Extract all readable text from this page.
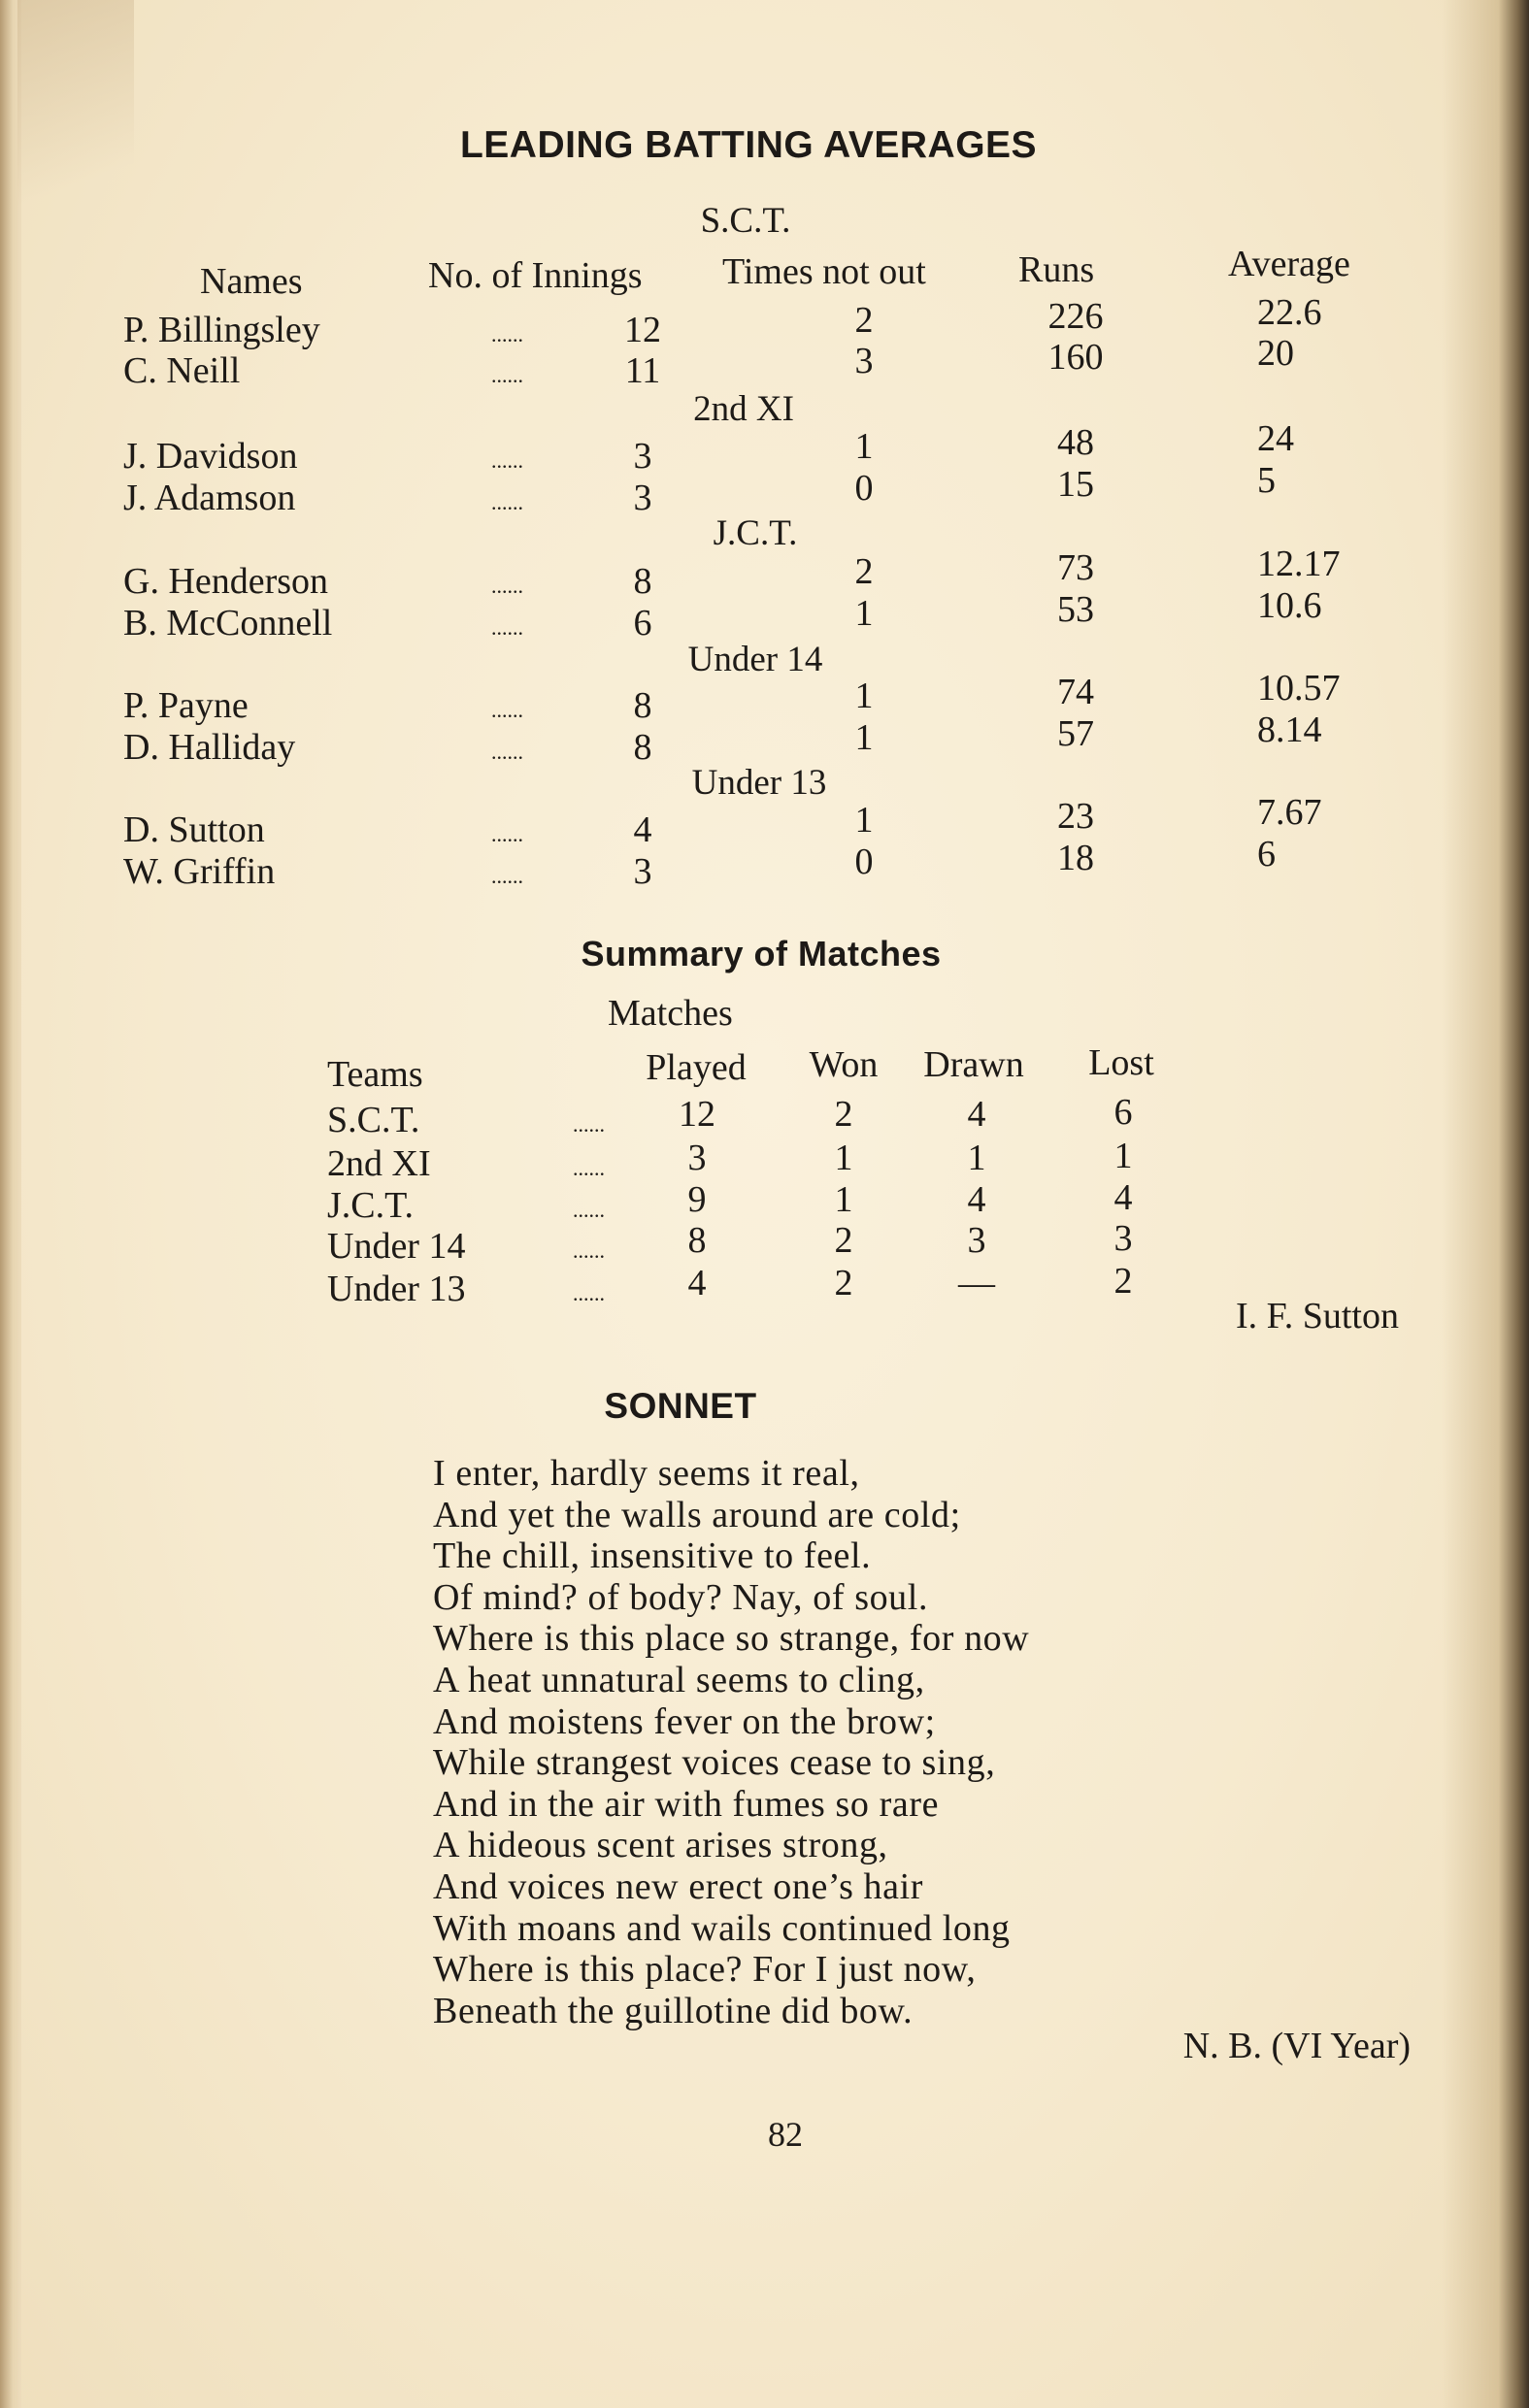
LEADING BATTING AVERAGES
Names	No. of Innings Times not out	Runs	Average
S.C.T.
P. Billingsley	......	12	2	226	22.6
C. Neill	......	11	3	160	20
2nd XI
J. Davidson	......	3	1	48	24
J. Adamson	......	3	0	15	5
J.C.T.
G. Henderson	......	8	2	73	12.17
B. McConnell	......	6	1	53	10.6
Under 14
P. Payne	......	8	1	74	10.57
D. Halliday	......	8	1	57	8.14
Under 13
D. Sutton	......	4	1	23	7.67
W. Griffin	......	3	0	18	6
Summary of Matches
Matches
Teams	Played Won Drawn Lost
S.C.T.	...... 12	2	4	6
2nd XI	...... 3	1	1	1
J.C.T.	...... 9	1	4	4
Under 14	...... 8	2	3	3
Under 13	...... 4	2	—	2
I. F. Sutton
SONNET
I enter, hardly seems it real,
And yet the walls around are cold;
The chill, insensitive to feel.
Of mind? of body? Nay, of soul.
Where is this place so strange, for now
A heat unnatural seems to cling,
And moistens fever on the brow;
While strangest voices cease to sing,
And in the air with fumes so rare
A hideous scent arises strong,
And voices new erect one’s hair
With moans and wails continued long
Where is this place? For I just now,
Beneath the guillotine did bow.
N. B. (VI Year)
82
